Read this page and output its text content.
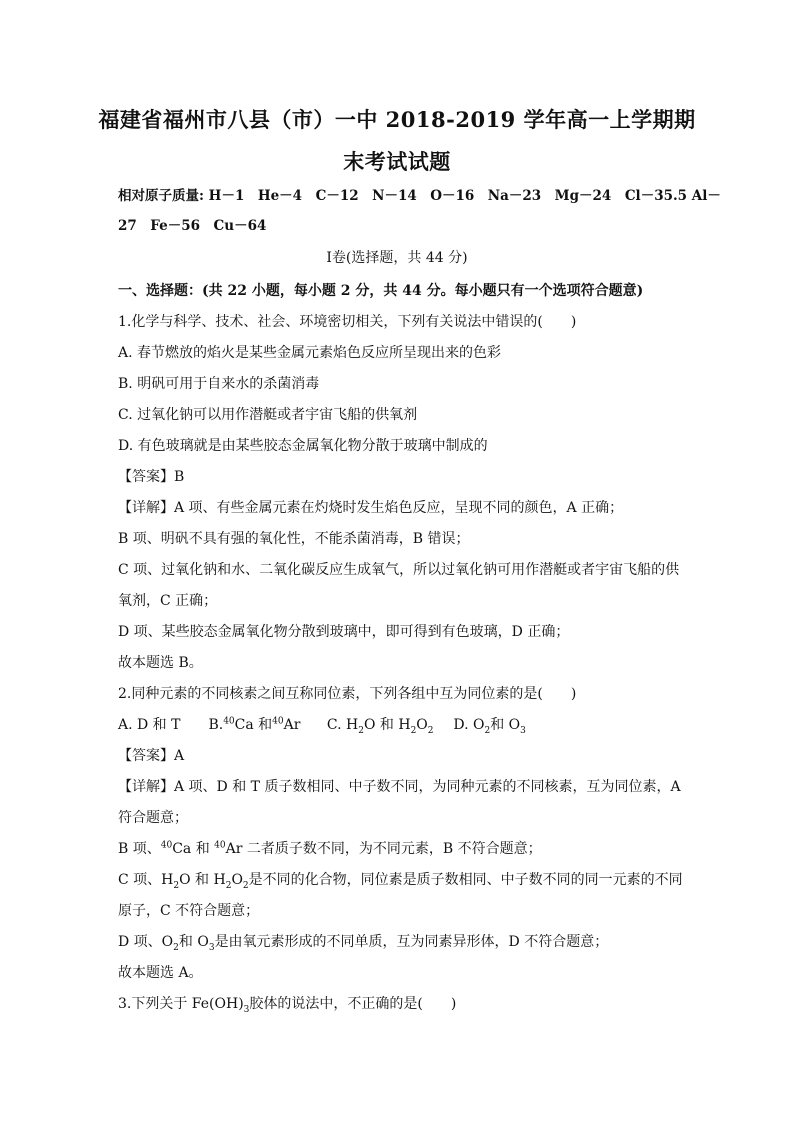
福建省福州市八县（市）一中 2018-2019 学年高一上学期期
末考试试题
相对原子质量: H－1　He－4　C－12　N－14　O－16　Na－23　Mg－24　Cl－35.5 Al－
27　Fe－56　Cu－64
Ⅰ卷(选择题，共 44 分)
一、选择题：(共 22 小题，每小题 2 分，共 44 分。每小题只有一个选项符合题意)
1.化学与科学、技术、社会、环境密切相关，下列有关说法中错误的(　　)
A. 春节燃放的焰火是某些金属元素焰色反应所呈现出来的色彩
B. 明矾可用于自来水的杀菌消毒
C. 过氧化钠可以用作潜艇或者宇宙飞船的供氧剂
D. 有色玻璃就是由某些胶态金属氧化物分散于玻璃中制成的
【答案】B
【详解】A 项、有些金属元素在灼烧时发生焰色反应，呈现不同的颜色，A 正确；
B 项、明矾不具有强的氧化性，不能杀菌消毒，B 错误；
C 项、过氧化钠和水、二氧化碳反应生成氧气，所以过氧化钠可用作潜艇或者宇宙飞船的供
氧剂，C 正确；
D 项、某些胶态金属氧化物分散到玻璃中，即可得到有色玻璃，D 正确；
故本题选 B。
2.同种元素的不同核素之间互称同位素，下列各组中互为同位素的是(　　)
A. D 和 T B.$^{40}$Ca 和$^{40}$Ar C. $H_2O$ 和 $H_2O_2$ D. $O_2$和 $O_3$
【答案】A
【详解】A 项、D 和 T 质子数相同、中子数不同，为同种元素的不同核素，互为同位素，A
符合题意；
B 项、$^{40}$Ca 和 $^{40}$Ar 二者质子数不同，为不同元素，B 不符合题意；
C 项、$H_2O$ 和 $H_2O_2$是不同的化合物，同位素是质子数相同、中子数不同的同一元素的不同
原子，C 不符合题意；
D 项、$O_2$和 $O_3$是由氧元素形成的不同单质，互为同素异形体，D 不符合题意；
故本题选 A。
3.下列关于 $Fe(OH)_3$胶体的说法中，不正确的是(　　)
